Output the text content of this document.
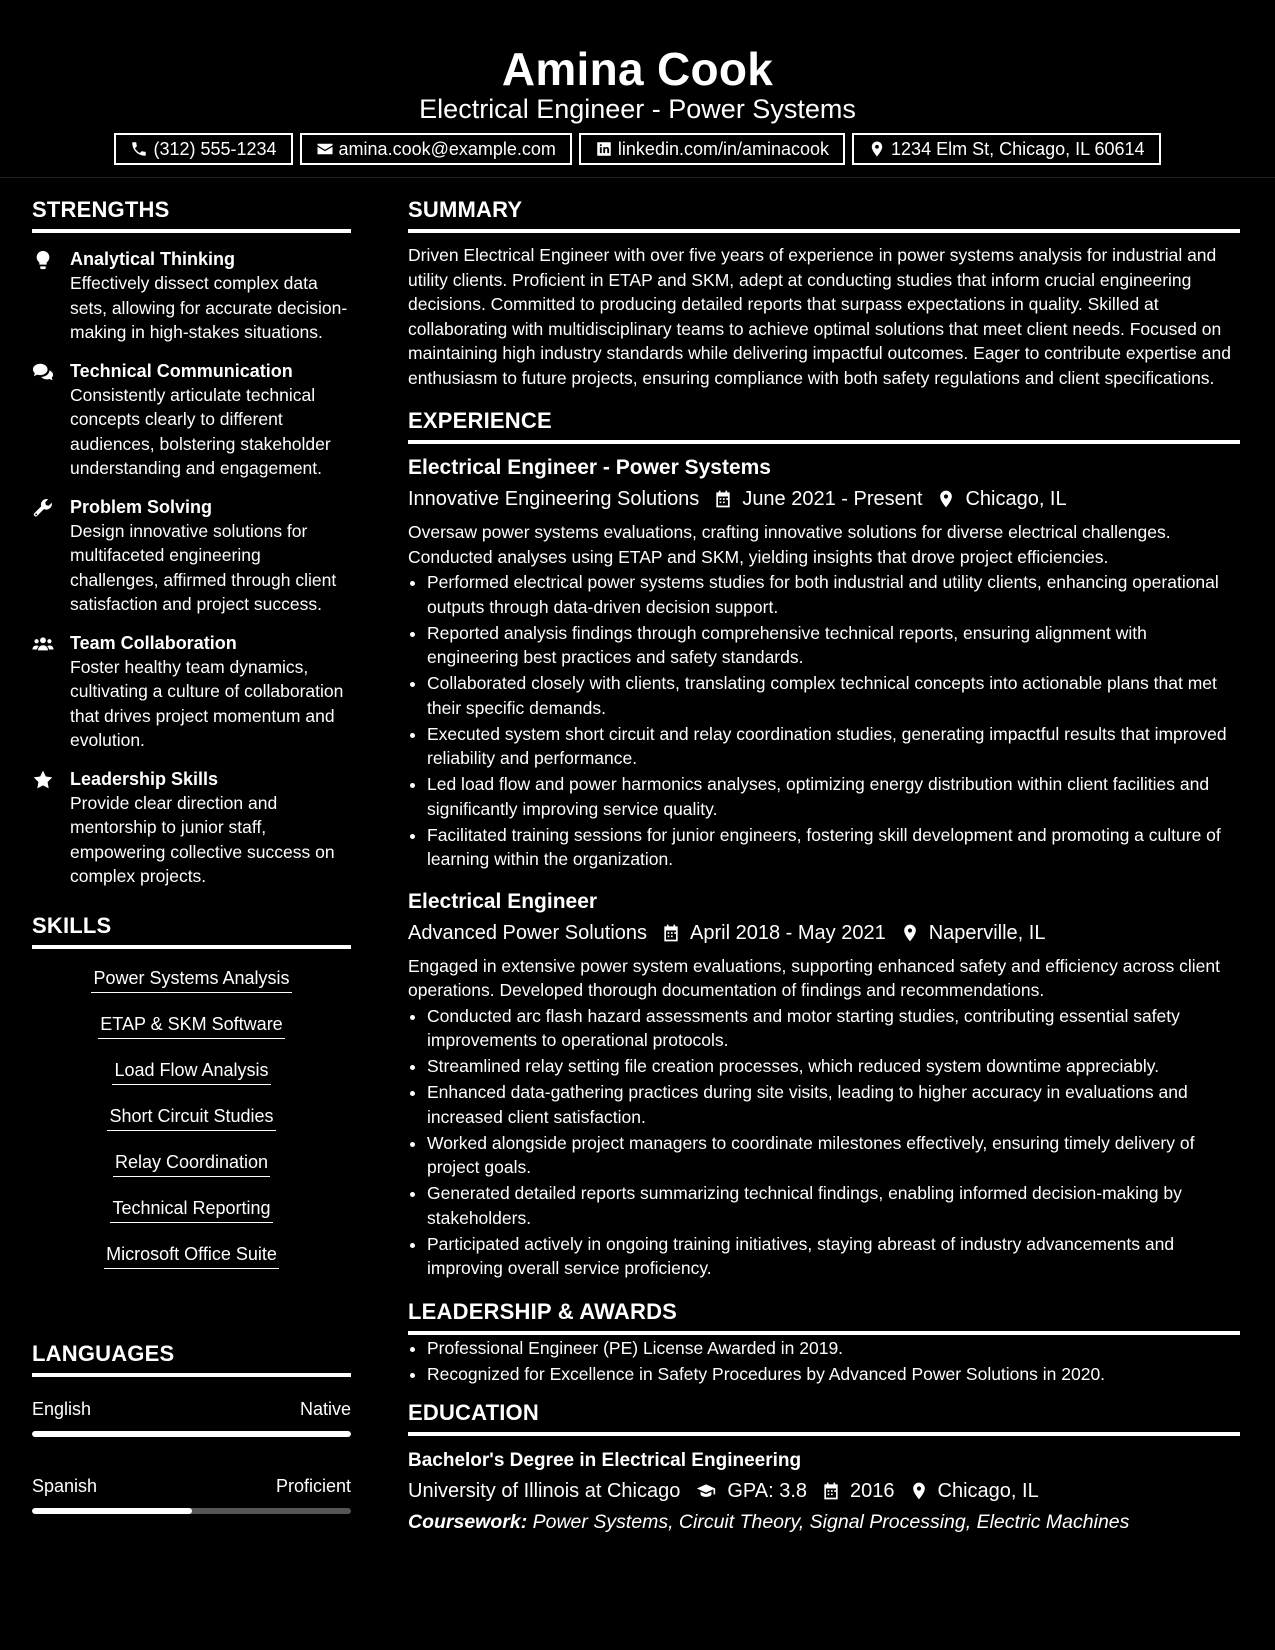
Amina Cook
Electrical Engineer - Power Systems
(312) 555-1234	amina.cook@example.com	linkedin.com/in/aminacook	1234 Elm St, Chicago, IL 60614
STRENGTHS
Analytical Thinking
Effectively dissect complex data sets, allowing for accurate decision-making in high-stakes situations.
Technical Communication
Consistently articulate technical concepts clearly to different audiences, bolstering stakeholder understanding and engagement.
Problem Solving
Design innovative solutions for multifaceted engineering challenges, affirmed through client satisfaction and project success.
Team Collaboration
Foster healthy team dynamics, cultivating a culture of collaboration that drives project momentum and evolution.
Leadership Skills
Provide clear direction and mentorship to junior staff, empowering collective success on complex projects.
SKILLS
Power Systems Analysis
ETAP & SKM Software
Load Flow Analysis
Short Circuit Studies
Relay Coordination
Technical Reporting
Microsoft Office Suite
LANGUAGES
English	Native
Spanish	Proficient
SUMMARY
Driven Electrical Engineer with over five years of experience in power systems analysis for industrial and utility clients. Proficient in ETAP and SKM, adept at conducting studies that inform crucial engineering decisions. Committed to producing detailed reports that surpass expectations in quality. Skilled at collaborating with multidisciplinary teams to achieve optimal solutions that meet client needs. Focused on maintaining high industry standards while delivering impactful outcomes. Eager to contribute expertise and enthusiasm to future projects, ensuring compliance with both safety regulations and client specifications.
EXPERIENCE
Electrical Engineer - Power Systems
Innovative Engineering Solutions June 2021 - Present Chicago, IL
Oversaw power systems evaluations, crafting innovative solutions for diverse electrical challenges. Conducted analyses using ETAP and SKM, yielding insights that drove project efficiencies.
• Performed electrical power systems studies for both industrial and utility clients, enhancing operational outputs through data-driven decision support.
• Reported analysis findings through comprehensive technical reports, ensuring alignment with engineering best practices and safety standards.
• Collaborated closely with clients, translating complex technical concepts into actionable plans that met their specific demands.
• Executed system short circuit and relay coordination studies, generating impactful results that improved reliability and performance.
• Led load flow and power harmonics analyses, optimizing energy distribution within client facilities and significantly improving service quality.
• Facilitated training sessions for junior engineers, fostering skill development and promoting a culture of learning within the organization.
Electrical Engineer
Advanced Power Solutions April 2018 - May 2021 Naperville, IL
Engaged in extensive power system evaluations, supporting enhanced safety and efficiency across client operations. Developed thorough documentation of findings and recommendations.
• Conducted arc flash hazard assessments and motor starting studies, contributing essential safety improvements to operational protocols.
• Streamlined relay setting file creation processes, which reduced system downtime appreciably.
• Enhanced data-gathering practices during site visits, leading to higher accuracy in evaluations and increased client satisfaction.
• Worked alongside project managers to coordinate milestones effectively, ensuring timely delivery of project goals.
• Generated detailed reports summarizing technical findings, enabling informed decision-making by stakeholders.
• Participated actively in ongoing training initiatives, staying abreast of industry advancements and improving overall service proficiency.
LEADERSHIP & AWARDS
• Professional Engineer (PE) License Awarded in 2019.
• Recognized for Excellence in Safety Procedures by Advanced Power Solutions in 2020.
EDUCATION
Bachelor's Degree in Electrical Engineering
University of Illinois at Chicago GPA: 3.8 2016 Chicago, IL
Coursework: Power Systems, Circuit Theory, Signal Processing, Electric Machines
